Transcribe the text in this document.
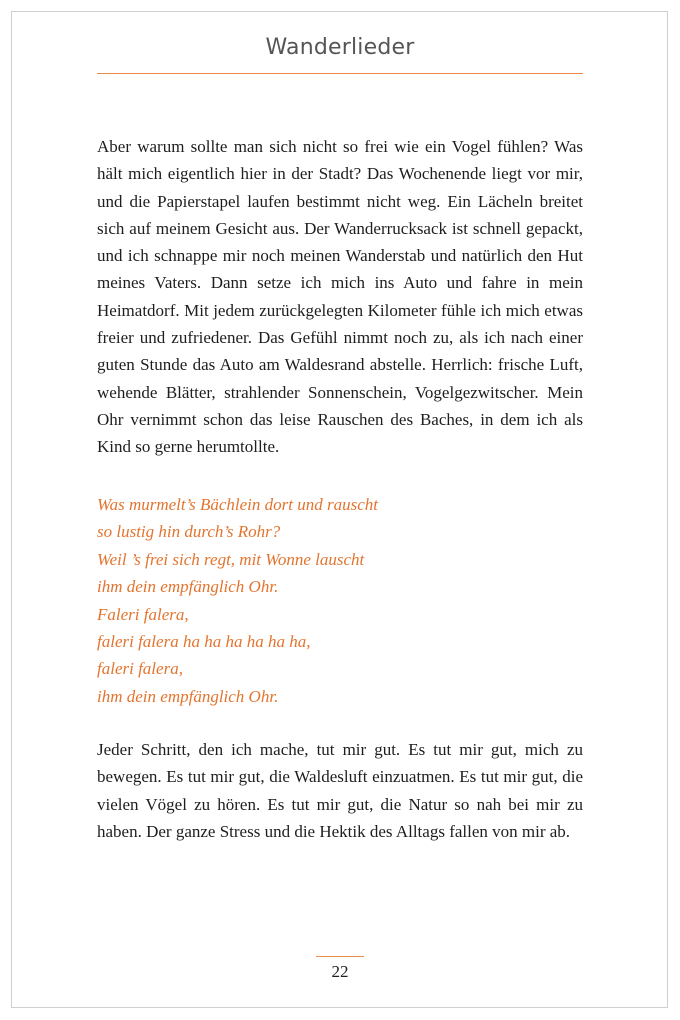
Wanderlieder

Aber warum sollte man sich nicht so frei wie ein Vogel fühlen? Was hält mich eigentlich hier in der Stadt? Das Wochenende liegt vor mir, und die Papierstapel laufen bestimmt nicht weg. Ein Lächeln breitet sich auf meinem Gesicht aus. Der Wanderrucksack ist schnell gepackt, und ich schnappe mir noch meinen Wanderstab und natürlich den Hut meines Vaters. Dann setze ich mich ins Auto und fahre in mein Heimatdorf. Mit jedem zurückgelegten Kilometer fühle ich mich etwas freier und zufriedener. Das Gefühl nimmt noch zu, als ich nach einer guten Stunde das Auto am Waldesrand abstelle. Herrlich: frische Luft, wehende Blätter, strahlender Sonnenschein, Vogelgezwitscher. Mein Ohr vernimmt schon das leise Rauschen des Baches, in dem ich als Kind so gerne herumtollte.

Was murmelt’s Bächlein dort und rauscht
so lustig hin durch’s Rohr?
Weil ’s frei sich regt, mit Wonne lauscht
ihm dein empfänglich Ohr.
Faleri falera,
faleri falera ha ha ha ha ha ha,
faleri falera,
ihm dein empfänglich Ohr.

Jeder Schritt, den ich mache, tut mir gut. Es tut mir gut, mich zu bewegen. Es tut mir gut, die Waldesluft einzuatmen. Es tut mir gut, die vielen Vögel zu hören. Es tut mir gut, die Natur so nah bei mir zu haben. Der ganze Stress und die Hektik des Alltags fallen von mir ab.

22
